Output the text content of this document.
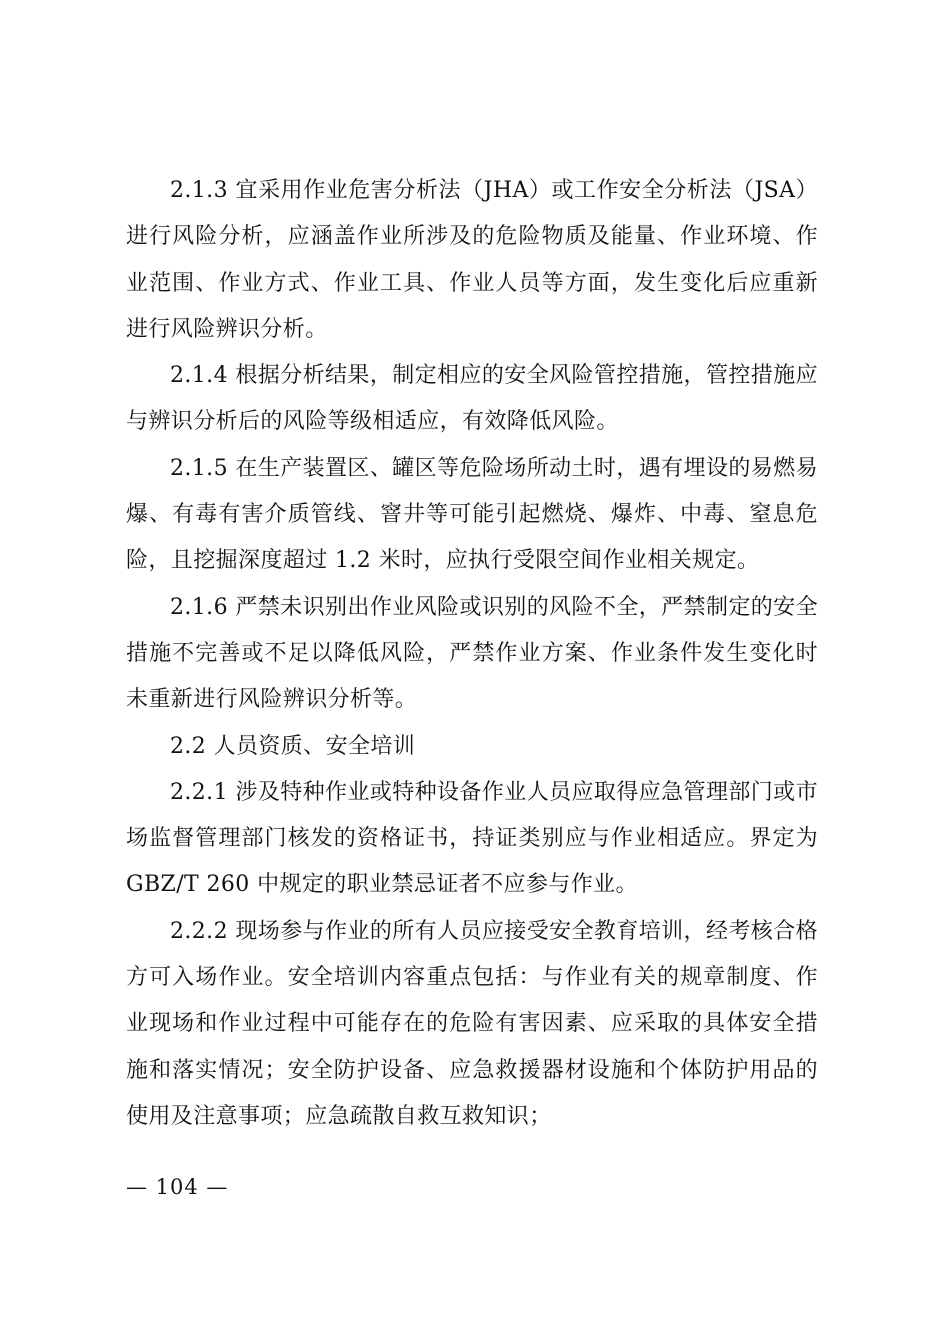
2.1.3 宜采用作业危害分析法（JHA）或工作安全分析法（JSA）进行风险分析，应涵盖作业所涉及的危险物质及能量、作业环境、作业范围、作业方式、作业工具、作业人员等方面，发生变化后应重新进行风险辨识分析。

2.1.4 根据分析结果，制定相应的安全风险管控措施，管控措施应与辨识分析后的风险等级相适应，有效降低风险。

2.1.5 在生产装置区、罐区等危险场所动土时，遇有埋设的易燃易爆、有毒有害介质管线、窨井等可能引起燃烧、爆炸、中毒、窒息危险，且挖掘深度超过 1.2 米时，应执行受限空间作业相关规定。

2.1.6 严禁未识别出作业风险或识别的风险不全，严禁制定的安全措施不完善或不足以降低风险，严禁作业方案、作业条件发生变化时未重新进行风险辨识分析等。

2.2 人员资质、安全培训

2.2.1 涉及特种作业或特种设备作业人员应取得应急管理部门或市场监督管理部门核发的资格证书，持证类别应与作业相适应。界定为 GBZ/T 260 中规定的职业禁忌证者不应参与作业。

2.2.2 现场参与作业的所有人员应接受安全教育培训，经考核合格方可入场作业。安全培训内容重点包括：与作业有关的规章制度、作业现场和作业过程中可能存在的危险有害因素、应采取的具体安全措施和落实情况；安全防护设备、应急救援器材设施和个体防护用品的使用及注意事项；应急疏散自救互救知识；

— 104 —
